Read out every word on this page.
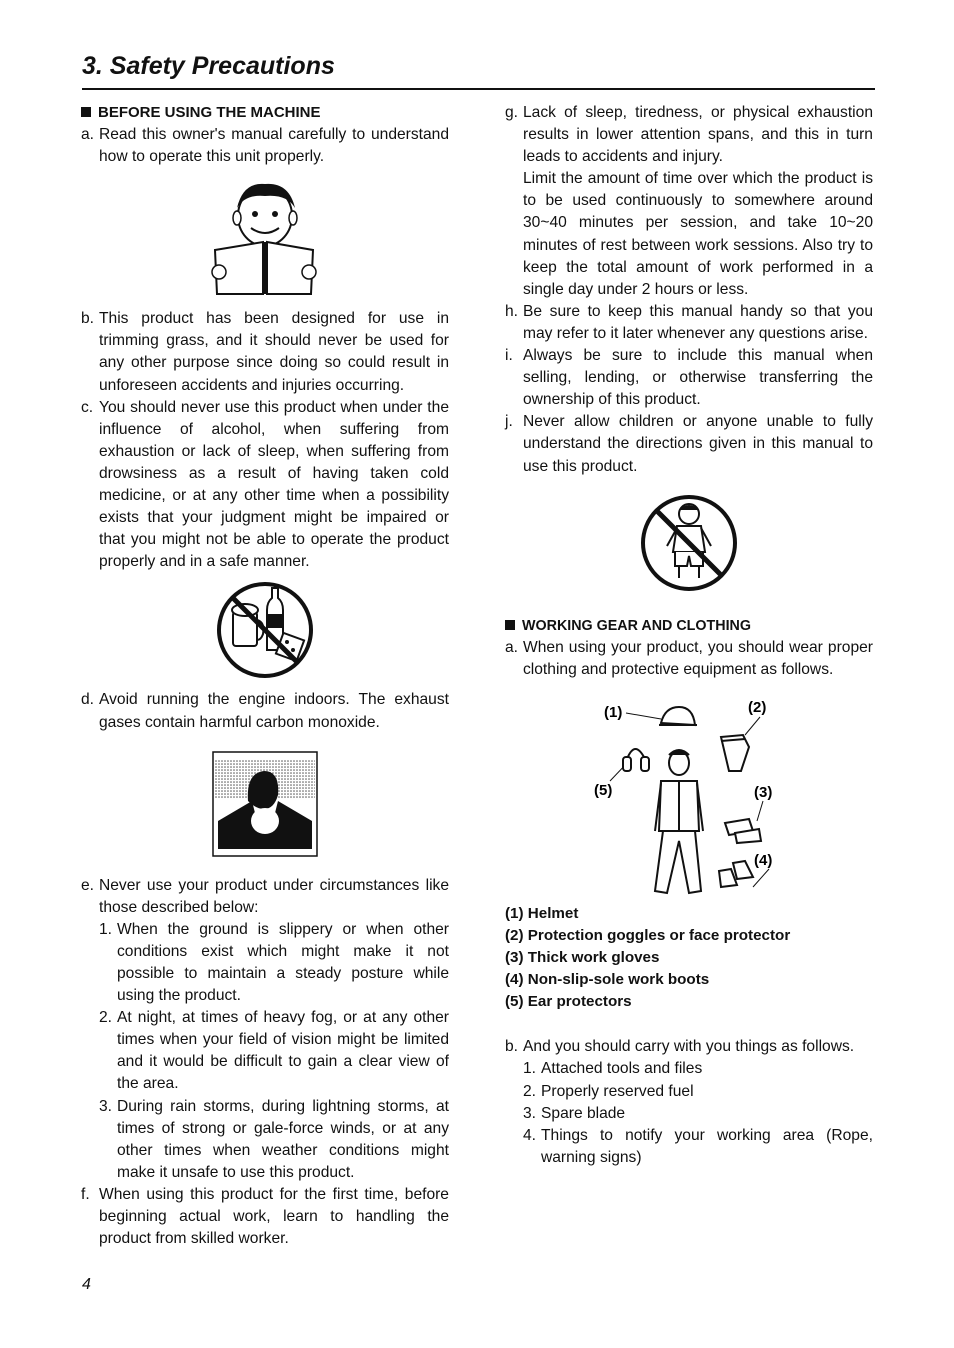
3. Safety Precautions
BEFORE USING THE MACHINE
a. Read this owner's manual carefully to understand how to operate this unit properly.
b. This product has been designed for use in trimming grass, and it should never be used for any other purpose since doing so could result in unforeseen accidents and injuries occurring.
c. You should never use this product when under the influence of alcohol, when suffering from exhaustion or lack of sleep, when suffering from drowsiness as a result of having taken cold medicine, or at any other time when a possibility exists that your judgment might be impaired or that you might not be able to operate the product properly and in a safe manner.
d. Avoid running the engine indoors. The exhaust gases contain harmful carbon monoxide.
e. Never use your product under circumstances like those described below:
1. When the ground is slippery or when other conditions exist which might make it not possible to maintain a steady posture while using the product.
2. At night, at times of heavy fog, or at any other times when your field of vision might be limited and it would be difficult to gain a clear view of the area.
3. During rain storms, during lightning storms, at times of strong or gale-force winds, or at any other times when weather conditions might make it unsafe to use this product.
f. When using this product for the first time, before beginning actual work, learn to handling the product from skilled worker.
g. Lack of sleep, tiredness, or physical exhaustion results in lower attention spans, and this in turn leads to accidents and injury.
Limit the amount of time over which the product is to be used continuously to somewhere around 30~40 minutes per session, and take 10~20 minutes of rest between work sessions. Also try to keep the total amount of work performed in a single day under 2 hours or less.
h. Be sure to keep this manual handy so that you may refer to it later whenever any questions arise.
i. Always be sure to include this manual when selling, lending, or otherwise transferring the ownership of this product.
j. Never allow children or anyone unable to fully understand the directions given in this manual to use this product.
WORKING GEAR AND CLOTHING
a. When using your product, you should wear proper clothing and protective equipment as follows.
(1)	(2)
(5)	(3)
(4)
(1) Helmet
(2) Protection goggles or face protector
(3) Thick work gloves
(4) Non-slip-sole work boots
(5) Ear protectors
b. And you should carry with you things as follows.
1. Attached tools and files
2. Properly reserved fuel
3. Spare blade
4. Things to notify your working area (Rope, warning signs)
4
